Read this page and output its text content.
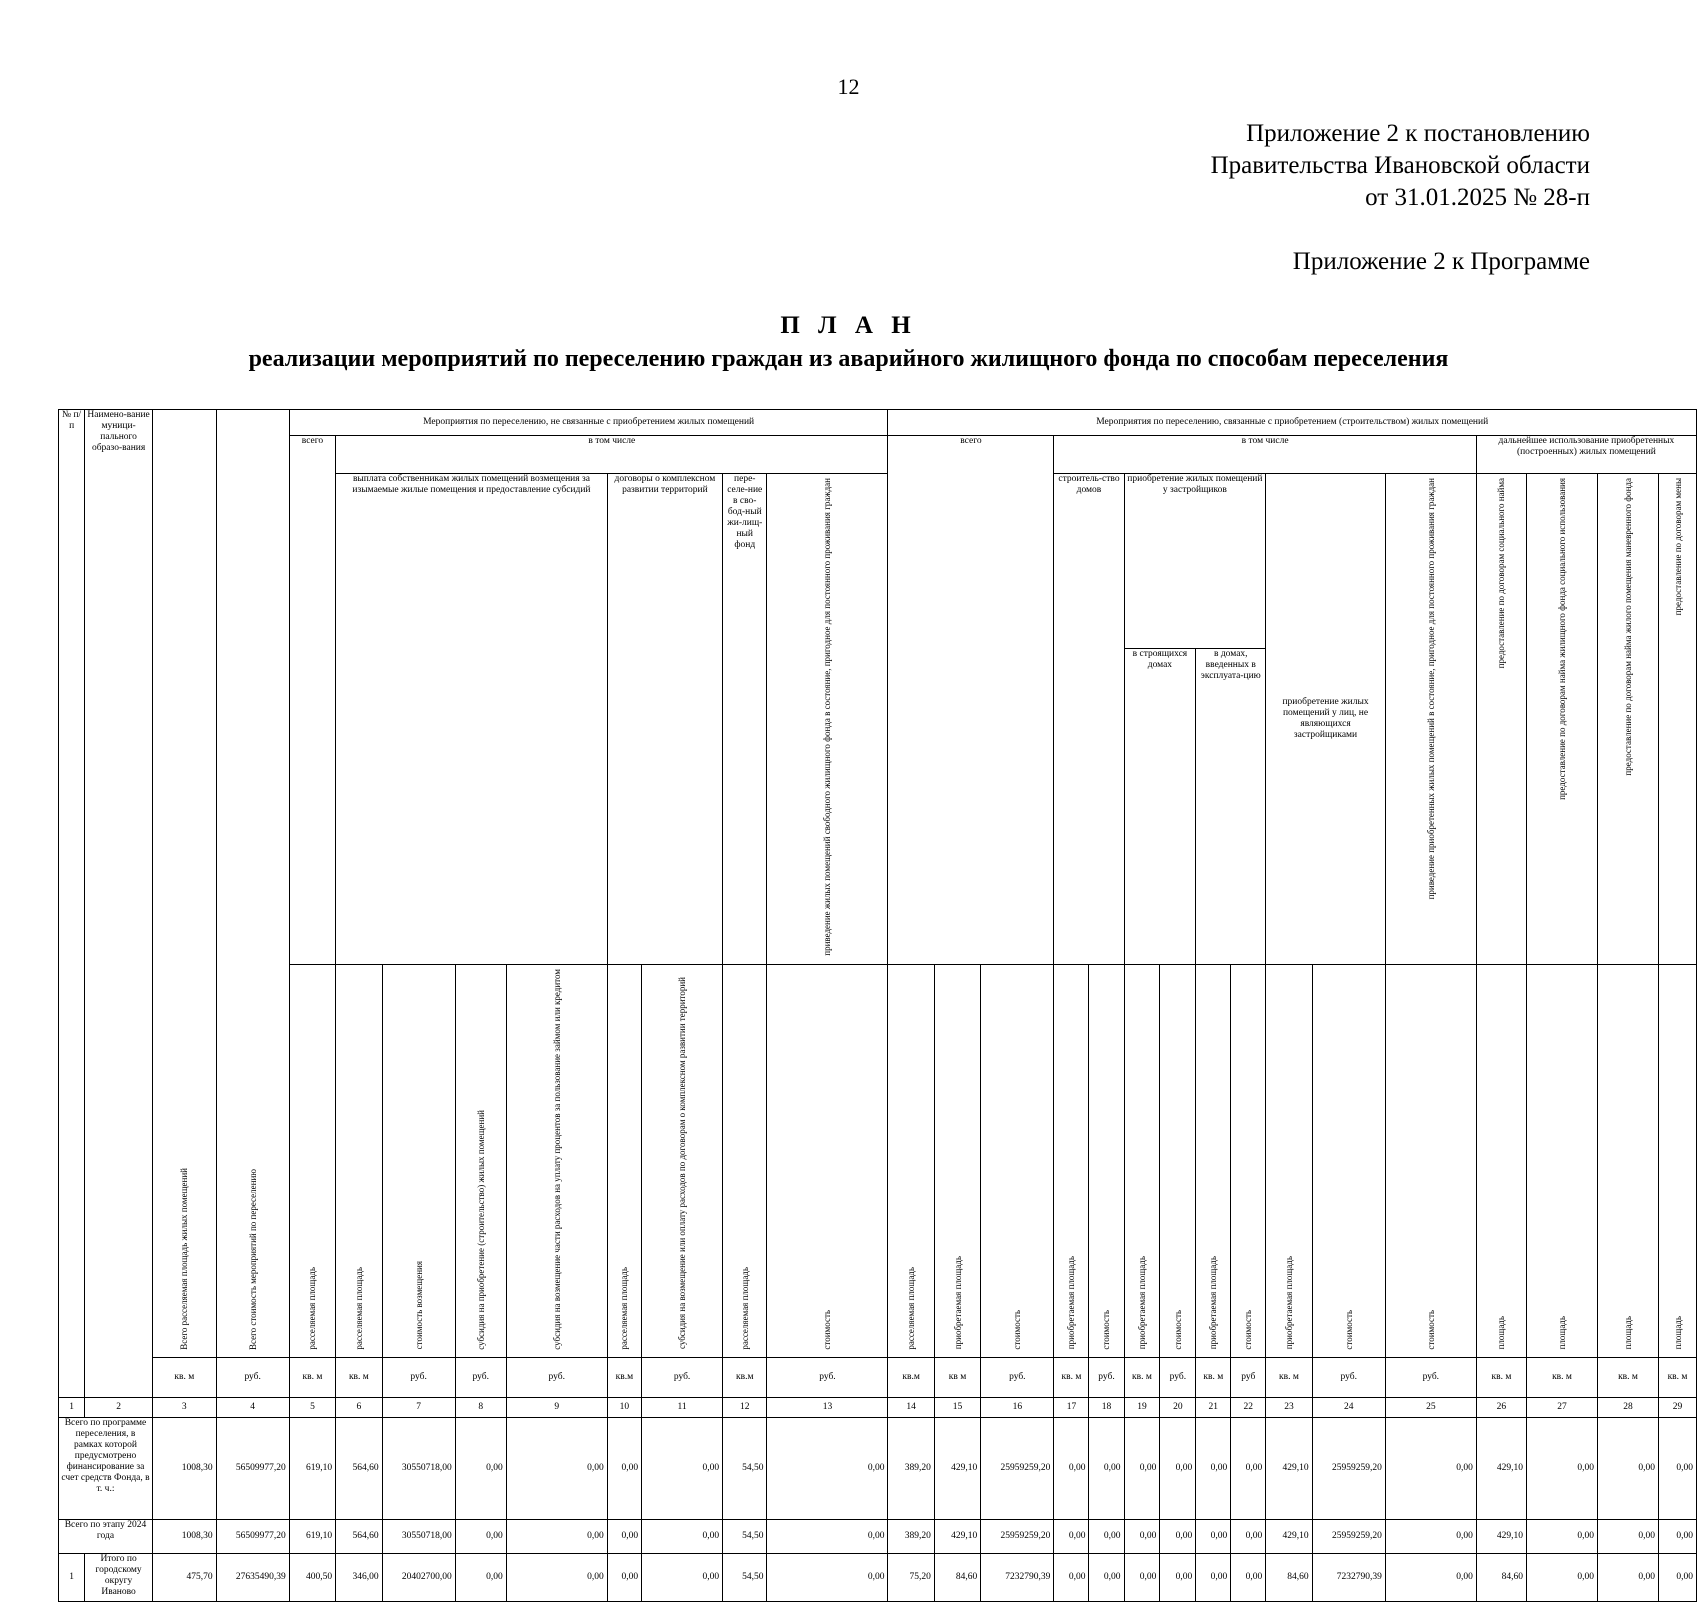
12
Приложение 2 к постановлению
Правительства Ивановской области
от 31.01.2025 № 28-п
Приложение 2 к Программе
П Л А Н
реализации мероприятий по переселению граждан из аварийного жилищного фонда по способам переселения
№ п/п	Наимено-вание муници-пального образо-вания	Всего расселяемая площадь жилых помещений	Всего стоимость мероприятий по переселению	Мероприятия по переселению, не связанные с приобретением жилых помещений									Мероприятия по переселению, связанные с приобретением (строительством) жилых помещений															
				всего	в том числе								всего			в том числе									дальнейшее использование приобретенных (построенных) жилых помещений			
					выплата собственникам жилых помещений возмещения за изымаемые жилые помещения и предоставление субсидий				договоры о комплексном развитии территорий		пере-селе-ние в сво-бод-ный жи-лищ-ный фонд	приведение жилых помещений свободного жилищного фонда в состояние, пригодное для постоянного проживания граждан				строитель-ство домов		приобретение жилых помещений у застройщиков				приобретение жилых помещений у лиц, не являющихся застройщиками		приведение приобретенных жилых помещений в состояние, пригодное для постоянного проживания граждан	предоставление по договорам социального найма	предоставление по договорам найма жилищного фонда социального использования	предоставление по договорам найма жилого помещения маневренного фонда	предоставление по договорам мены
																		в строящихся домах		в домах, введенных в эксплуата-цию								
				расселяемая площадь	расселяемая площадь	стоимость возмещения	субсидия на приобретение (строительство) жилых помещений	субсидия на возмещение части расходов на уплату процентов за пользование займом или кредитом	расселяемая площадь	субсидия на возмещение или оплату расходов по договорам о комплексном развитии территорий	расселяемая площадь	стоимость	расселяемая площадь	приобретаемая площадь	стоимость	приобретаемая площадь	стоимость	приобретаемая площадь	стоимость	приобретаемая площадь	стоимость	приобретаемая площадь	стоимость	стоимость	площадь	площадь	площадь	площадь
		кв. м	руб.	кв. м	кв. м	руб.	руб.	руб.	кв.м	руб.	кв.м	руб.	кв.м	кв м	руб.	кв. м	руб.	кв. м	руб.	кв. м	руб	кв. м	руб.	руб.	кв. м	кв. м	кв. м	кв. м
1	2	3	4	5	6	7	8	9	10	11	12	13	14	15	16	17	18	19	20	21	22	23	24	25	26	27	28	29
Всего по программе переселения, в рамках которой предусмотрено финансирование за счет средств Фонда, в т. ч.:		1008,30	56509977,20	619,10	564,60	30550718,00	0,00	0,00	0,00	0,00	54,50	0,00	389,20	429,10	25959259,20	0,00	0,00	0,00	0,00	0,00	0,00	429,10	25959259,20	0,00	429,10	0,00	0,00	0,00
Всего по этапу 2024 года		1008,30	56509977,20	619,10	564,60	30550718,00	0,00	0,00	0,00	0,00	54,50	0,00	389,20	429,10	25959259,20	0,00	0,00	0,00	0,00	0,00	0,00	429,10	25959259,20	0,00	429,10	0,00	0,00	0,00
1	Итого по городскому округу Иваново	475,70	27635490,39	400,50	346,00	20402700,00	0,00	0,00	0,00	0,00	54,50	0,00	75,20	84,60	7232790,39	0,00	0,00	0,00	0,00	0,00	0,00	84,60	7232790,39	0,00	84,60	0,00	0,00	0,00
